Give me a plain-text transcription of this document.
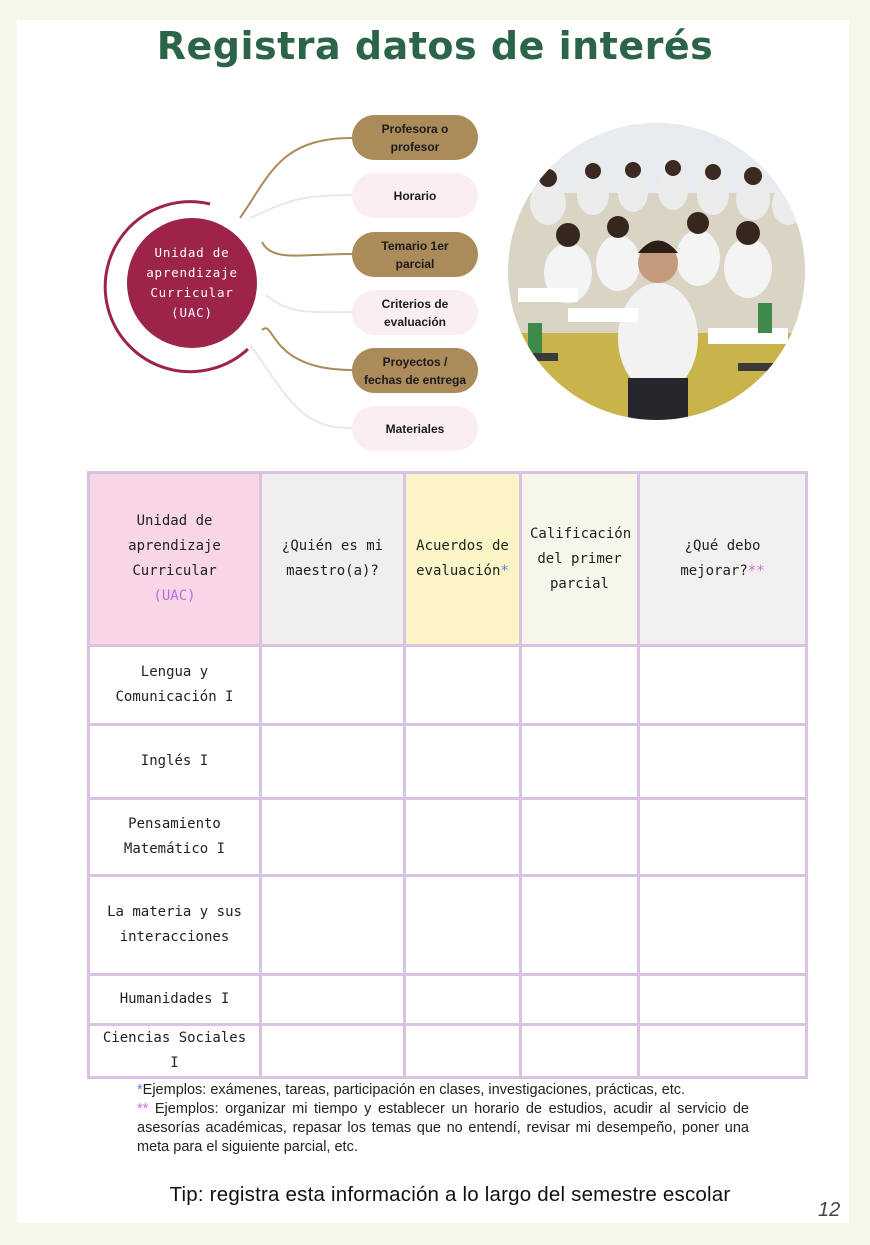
Registra datos de interés
Unidad de aprendizaje Curricular (UAC)
Profesora o profesor
Horario
Temario 1er parcial
Criterios de evaluación
Proyectos / fechas de entrega
Materiales
Unidad de
aprendizaje
Curricular
(UAC)	¿Quién es mi maestro(a)?	Acuerdos de evaluación*	Calificación del primer parcial	¿Qué debo mejorar?**
Lengua y Comunicación I				
Inglés I				
Pensamiento Matemático I				
La materia y sus interacciones				
Humanidades I				
Ciencias Sociales I				

*Ejemplos: exámenes, tareas, participación en clases, investigaciones, prácticas, etc.

** Ejemplos: organizar mi tiempo y establecer un horario de estudios, acudir al servicio de asesorías académicas, repasar los temas que no entendí, revisar mi desempeño, poner una meta para el siguiente parcial, etc.

Tip: registra esta información a lo largo del semestre escolar
12
